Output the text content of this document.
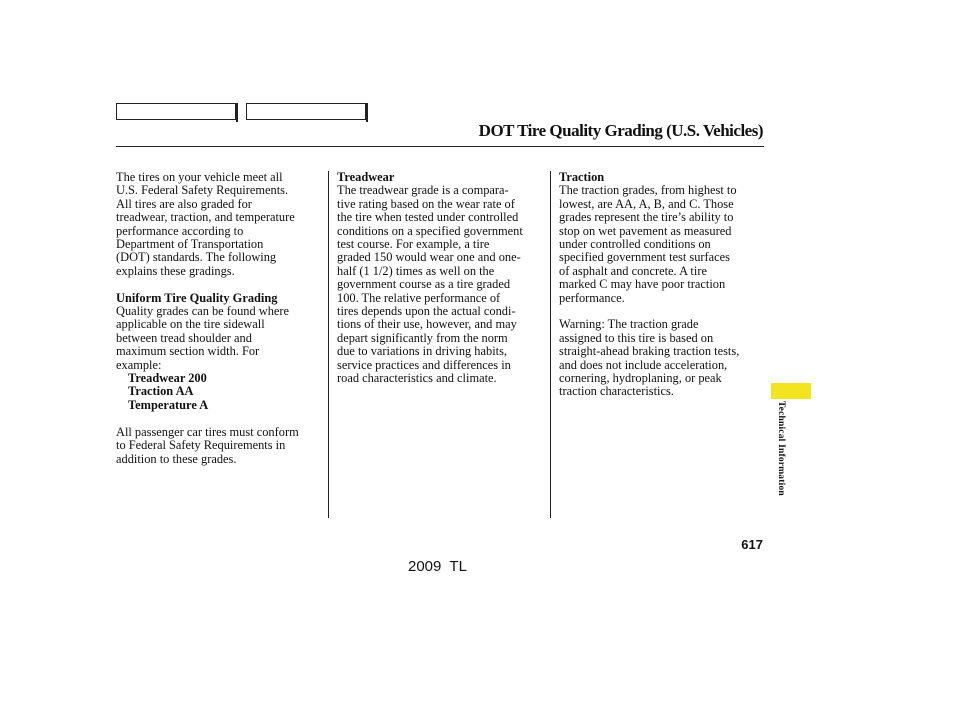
DOT Tire Quality Grading (U.S. Vehicles)
The tires on your vehicle meet all
U.S. Federal Safety Requirements.
All tires are also graded for
treadwear, traction, and temperature
performance according to
Department of Transportation
(DOT) standards. The following
explains these gradings.
Uniform Tire Quality Grading
Quality grades can be found where
applicable on the tire sidewall
between tread shoulder and
maximum section width. For
example:
Treadwear 200
Traction AA
Temperature A
All passenger car tires must conform
to Federal Safety Requirements in
addition to these grades.
Treadwear
The treadwear grade is a compara-
tive rating based on the wear rate of
the tire when tested under controlled
conditions on a specified government
test course. For example, a tire
graded 150 would wear one and one-
half (1 1/2) times as well on the
government course as a tire graded
100. The relative performance of
tires depends upon the actual condi-
tions of their use, however, and may
depart significantly from the norm
due to variations in driving habits,
service practices and differences in
road characteristics and climate.
Traction
The traction grades, from highest to
lowest, are AA, A, B, and C. Those
grades represent the tire’s ability to
stop on wet pavement as measured
under controlled conditions on
specified government test surfaces
of asphalt and concrete. A tire
marked C may have poor traction
performance.
Warning: The traction grade
assigned to this tire is based on
straight-ahead braking traction tests,
and does not include acceleration,
cornering, hydroplaning, or peak
traction characteristics.
Technical Information
617
2009  TL
